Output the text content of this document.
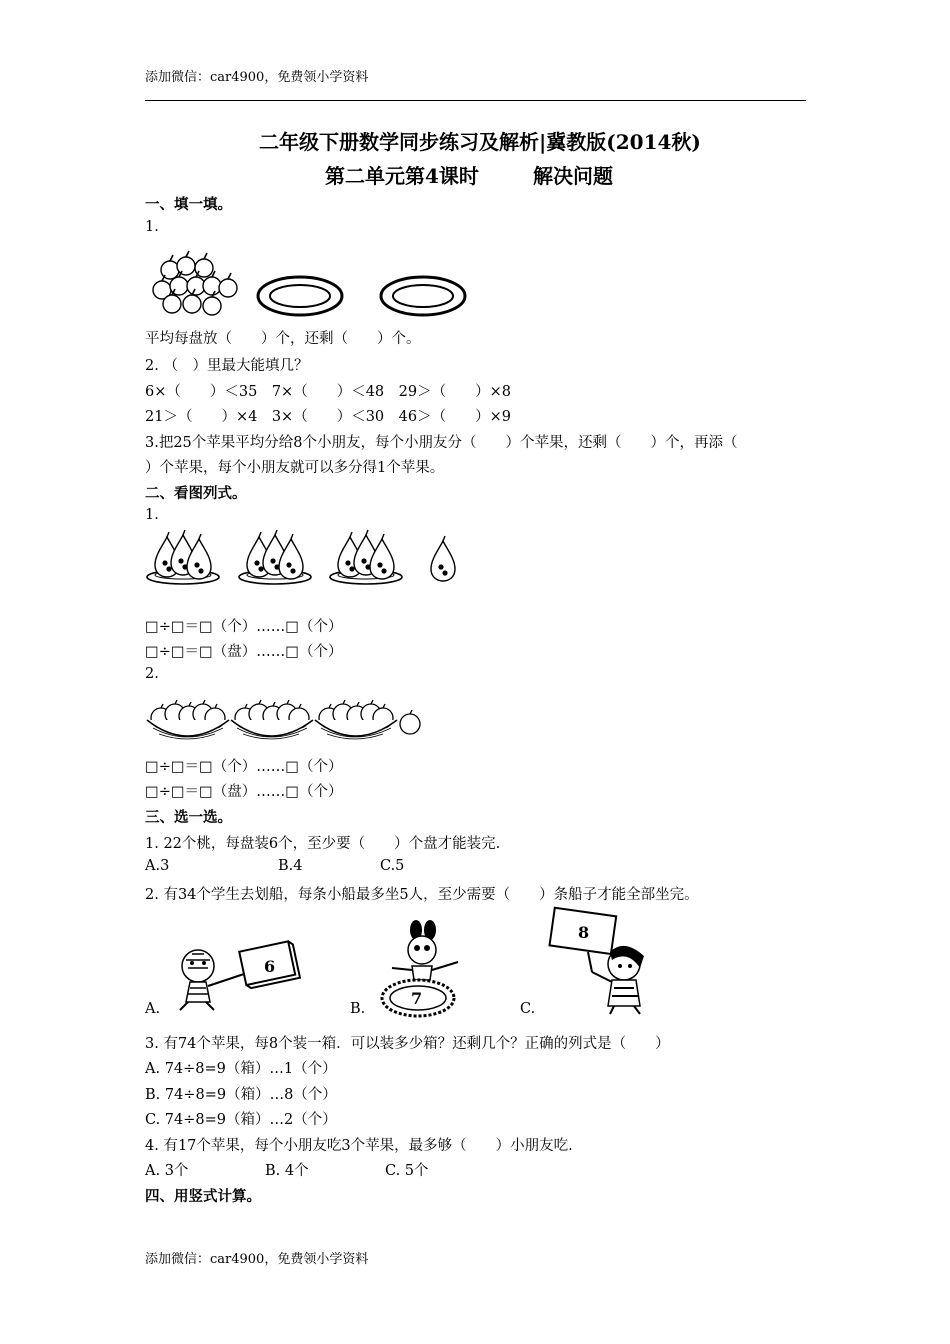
添加微信：car4900，免费领小学资料
二年级下册数学同步练习及解析|冀教版(2014秋)
第二单元第4课时	解决问题
一、填一填。
1.
平均每盘放（　　）个，还剩（　　）个。
2. （　）里最大能填几？
6×（　　）＜35　7×（　　）＜48　29＞（　　）×8
21＞（　　）×4　3×（　　）＜30　46＞（　　）×9
3.把25个苹果平均分给8个小朋友，每个小朋友分（　　）个苹果，还剩（　　）个，再添（
）个苹果，每个小朋友就可以多分得1个苹果。
二、看图列式。
1.
□÷□＝□（个）……□（个）
□÷□＝□（盘）……□（个）
2.
□÷□＝□（个）……□（个）
□÷□＝□（盘）……□（个）
三、选一选。
1. 22个桃，每盘装6个，至少要（　　）个盘才能装完.
A.3	B.4	C.5
2. 有34个学生去划船，每条小船最多坐5人，至少需要（　　）条船子才能全部坐完。
6
7
8
A.	B.	C.
3. 有74个苹果，每8个装一箱．可以装多少箱？还剩几个？正确的列式是（　　）
A. 74÷8=9（箱）…1（个）
B. 74÷8=9（箱）…8（个）
C. 74÷8=9（箱）…2（个）
4. 有17个苹果，每个小朋友吃3个苹果，最多够（　　）小朋友吃.
A. 3个	B. 4个	C. 5个
四、用竖式计算。
添加微信：car4900，免费领小学资料
